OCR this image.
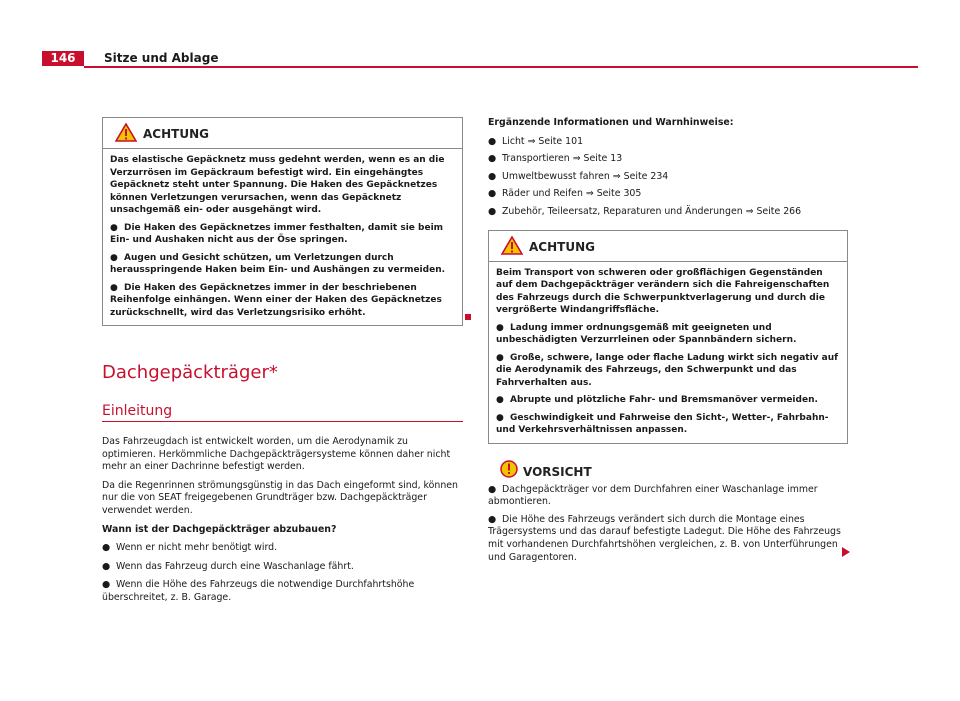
146	Sitze und Ablage
ACHTUNG

Das elastische Gepäcknetz muss gedehnt werden, wenn es an die Verzurrösen im Gepäckraum befestigt wird. Ein eingehängtes Gepäcknetz steht unter Spannung. Die Haken des Gepäcknetzes können Verletzungen verursachen, wenn das Gepäcknetz unsachgemäß ein- oder ausgehängt wird.

● Die Haken des Gepäcknetzes immer festhalten, damit sie beim Ein- und Aushaken nicht aus der Öse springen.

● Augen und Gesicht schützen, um Verletzungen durch herausspringende Haken beim Ein- und Aushängen zu vermeiden.

● Die Haken des Gepäcknetzes immer in der beschriebenen Reihenfolge einhängen. Wenn einer der Haken des Gepäcknetzes zurückschnellt, wird das Verletzungsrisiko erhöht.

Dachgepäckträger*
Einleitung

Das Fahrzeugdach ist entwickelt worden, um die Aerodynamik zu optimieren. Herkömmliche Dachgepäckträgersysteme können daher nicht mehr an einer Dachrinne befestigt werden.

Da die Regenrinnen strömungsgünstig in das Dach eingeformt sind, können nur die von SEAT freigegebenen Grundträger bzw. Dachgepäckträger verwendet werden.

Wann ist der Dachgepäckträger abzubauen?

● Wenn er nicht mehr benötigt wird.

● Wenn das Fahrzeug durch eine Waschanlage fährt.

● Wenn die Höhe des Fahrzeugs die notwendige Durchfahrtshöhe überschreitet, z. B. Garage.

Ergänzende Informationen und Warnhinweise:

● Licht ⇒ Seite 101

● Transportieren ⇒ Seite 13

● Umweltbewusst fahren ⇒ Seite 234

● Räder und Reifen ⇒ Seite 305

● Zubehör, Teileersatz, Reparaturen und Änderungen ⇒ Seite 266

ACHTUNG

Beim Transport von schweren oder großflächigen Gegenständen auf dem Dachgepäckträger verändern sich die Fahreigenschaften des Fahrzeugs durch die Schwerpunktverlagerung und durch die vergrößerte Windangriffsfläche.

● Ladung immer ordnungsgemäß mit geeigneten und unbeschädigten Verzurrleinen oder Spannbändern sichern.

● Große, schwere, lange oder flache Ladung wirkt sich negativ auf die Aerodynamik des Fahrzeugs, den Schwerpunkt und das Fahrverhalten aus.

● Abrupte und plötzliche Fahr- und Bremsmanöver vermeiden.

● Geschwindigkeit und Fahrweise den Sicht-, Wetter-, Fahrbahn- und Verkehrsverhältnissen anpassen.

VORSICHT

● Dachgepäckträger vor dem Durchfahren einer Waschanlage immer abmontieren.

● Die Höhe des Fahrzeugs verändert sich durch die Montage eines Trägersystems und das darauf befestigte Ladegut. Die Höhe des Fahrzeugs mit vorhandenen Durchfahrtshöhen vergleichen, z. B. von Unterführungen und Garagentoren.
